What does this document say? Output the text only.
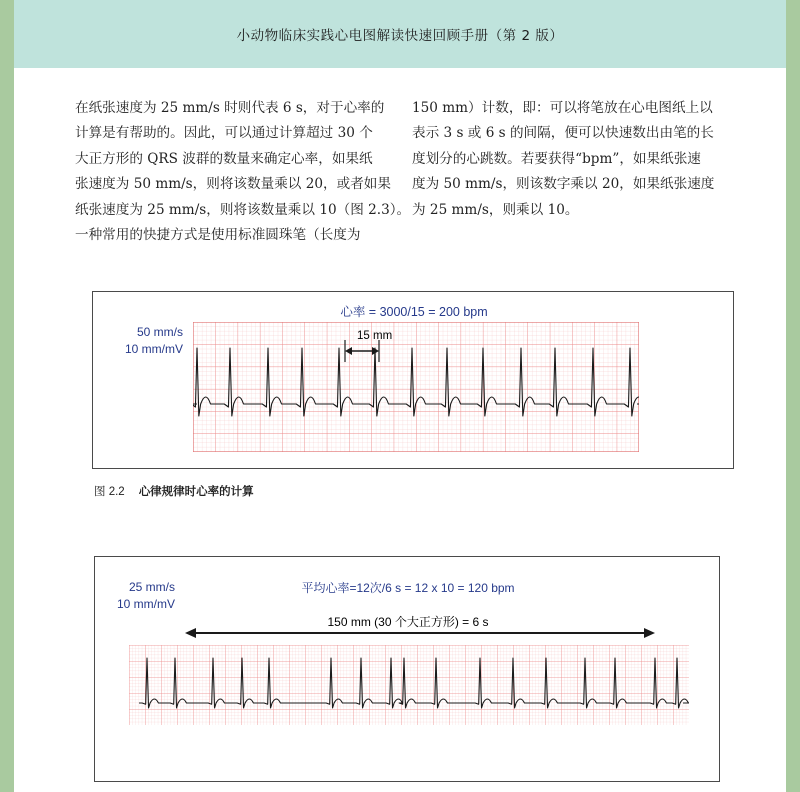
小动物临床实践心电图解读快速回顾手册（第 2 版）
在纸张速度为 25 mm/s 时则代表 6 s，对于心率的
计算是有帮助的。因此，可以通过计算超过 30 个
大正方形的 QRS 波群的数量来确定心率，如果纸
张速度为 50 mm/s，则将该数量乘以 20，或者如果
纸张速度为 25 mm/s，则将该数量乘以 10（图 2.3）。
一种常用的快捷方式是使用标准圆珠笔（长度为
150 mm）计数，即：可以将笔放在心电图纸上以
表示 3 s 或 6 s 的间隔，便可以快速数出由笔的长
度划分的心跳数。若要获得“bpm”，如果纸张速
度为 50 mm/s，则该数字乘以 20，如果纸张速度
为 25 mm/s，则乘以 10。
心率 = 3000/15 = 200 bpm
50 mm/s
10 mm/mV
15 mm
图 2.2 心律规律时心率的计算
平均心率=12次/6 s = 12 x 10 = 120 bpm
150 mm (30 个大正方形) = 6 s
25 mm/s
10 mm/mV
